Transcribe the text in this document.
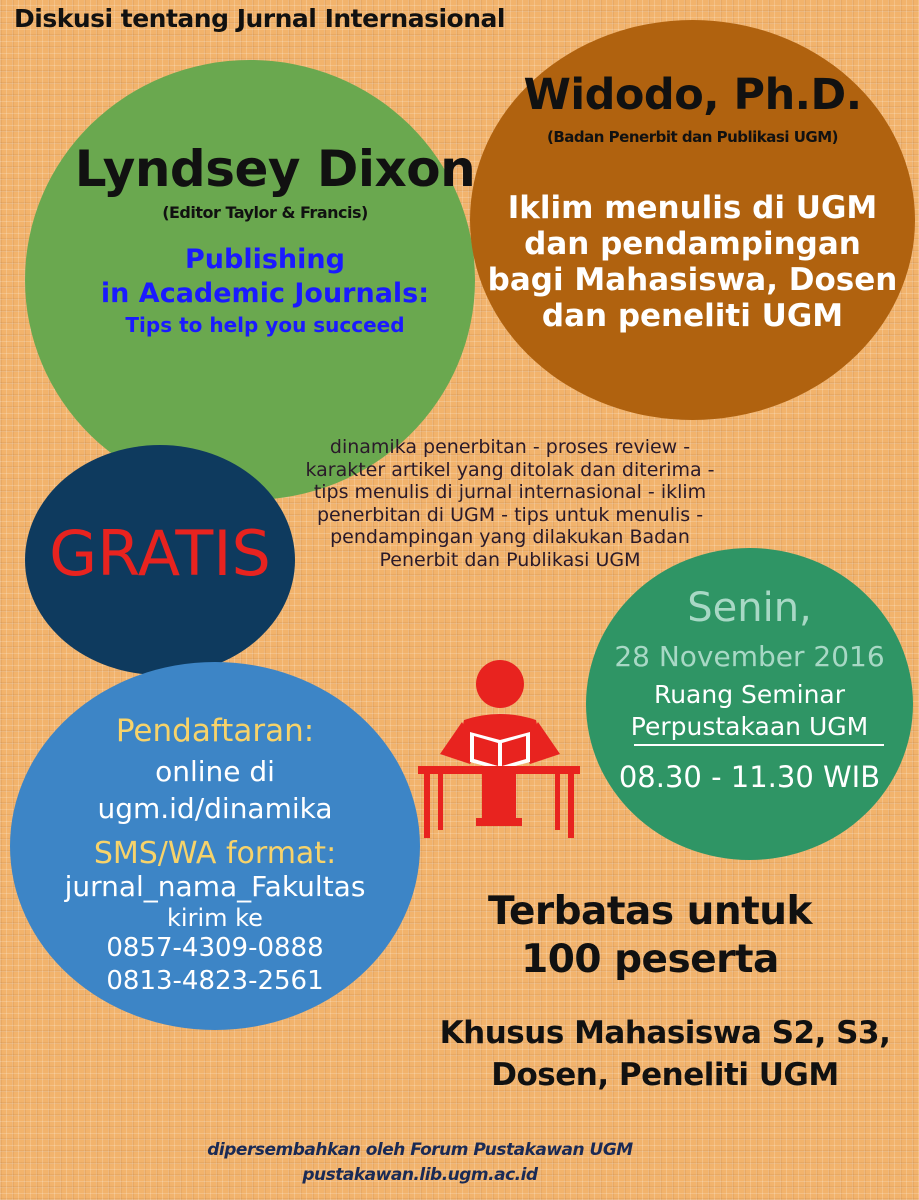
Diskusi tentang Jurnal Internasional
Lyndsey Dixon
(Editor Taylor & Francis)
Publishing
in Academic Journals:
Tips to help you succeed
Widodo, Ph.D.
(Badan Penerbit dan Publikasi UGM)
Iklim menulis di UGM
dan pendampingan
bagi Mahasiswa, Dosen
dan peneliti UGM
GRATIS
dinamika penerbitan - proses review -
karakter artikel yang ditolak dan diterima -
tips menulis di jurnal internasional - iklim
penerbitan di UGM - tips untuk menulis -
pendampingan yang dilakukan Badan
Penerbit dan Publikasi UGM
Pendaftaran:
online di
ugm.id/dinamika
SMS/WA format:
jurnal_nama_Fakultas
kirim ke
0857-4309-0888
0813-4823-2561
Senin,
28 November 2016
Ruang Seminar
Perpustakaan UGM
08.30 - 11.30 WIB
Terbatas untuk
100 peserta
Khusus Mahasiswa S2, S3,
Dosen, Peneliti UGM
dipersembahkan oleh Forum Pustakawan UGM
pustakawan.lib.ugm.ac.id
